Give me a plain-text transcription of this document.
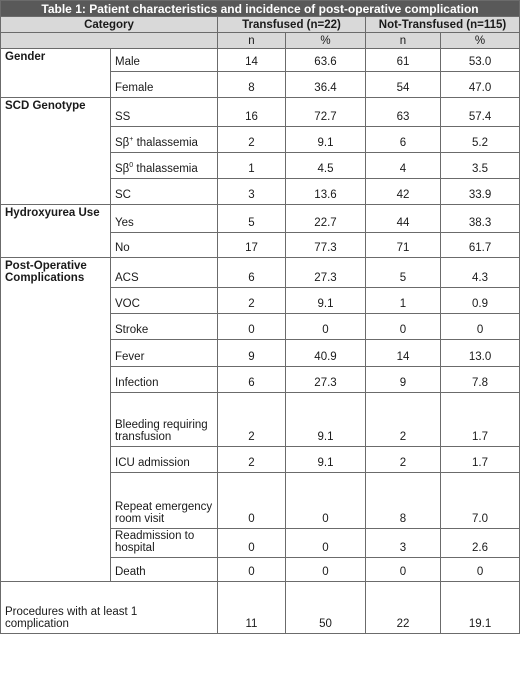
Table 1: Patient characteristics and incidence of post-operative complication					
Category		Transfused (n=22)		Not-Transfused (n=115)	
		n	%	n	%
Gender	Male	14	63.6	61	53.0
	Female	8	36.4	54	47.0
SCD Genotype	SS	16	72.7	63	57.4
	Sβ+ thalassemia	2	9.1	6	5.2
	$S\beta^0$ thalassemia	1	4.5	4	3.5
	SC	3	13.6	42	33.9
Hydroxyurea Use	Yes	5	22.7	44	38.3
	No	17	77.3	71	61.7
Post-Operative Complications	ACS	6	27.3	5	4.3
	VOC	2	9.1	1	0.9
	Stroke	0	0	0	0
	Fever	9	40.9	14	13.0
	Infection	6	27.3	9	7.8
	Bleeding requiring transfusion	2	9.1	2	1.7
	ICU admission	2	9.1	2	1.7
	Repeat emergency room visit	0	0	8	7.0
	Readmission to hospital	0	0	3	2.6
	Death	0	0	0	0

Procedures with at least 1 complication		11	50	22	19.1
